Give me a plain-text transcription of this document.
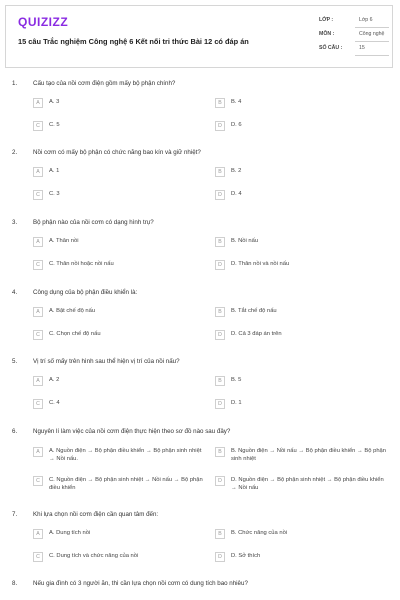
QUIZIZZ
15 câu Trắc nghiệm Công nghệ 6 Kết nối tri thức Bài 12 có đáp án
LỚP :	Lớp 6
MÔN :	Công nghệ
SỐ CÂU :	15
1.	Cấu tạo của nồi cơm điện gồm mấy bộ phận chính?
A	A. 3	B	B. 4
C	C. 5	D	D. 6
2.	Nồi cơm có mấy bộ phận có chức năng bao kín và giữ nhiệt?
A	A. 1	B	B. 2
C	C. 3	D	D. 4
3.	Bộ phận nào của nồi cơm có dạng hình trụ?
A	A. Thân nồi	B	B. Nồi nấu
C	C. Thân nồi hoặc nồi nấu	D	D. Thân nồi và nồi nấu
4.	Công dụng của bộ phận điều khiển là:
A	A. Bật chế độ nấu	B	B. Tắt chế độ nấu
C	C. Chọn chế độ nấu	D	D. Cả 3 đáp án trên
5.	Vị trí số mấy trên hình sau thể hiện vị trí của nồi nấu?
A	A. 2	B	B. 5
C	C. 4	D	D. 1
6.	Nguyên lí làm việc của nồi cơm điện thực hiện theo sơ đồ nào sau đây?
A	A. Nguồn điện → Bộ phận điều khiển → Bộ phận sinh nhiệt → Nồi nấu.
B	B. Nguồn điện → Nồi nấu → Bộ phận điều khiển → Bộ phận sinh nhiệt
C	C. Nguồn điện → Bộ phận sinh nhiệt → Nồi nấu → Bộ phận điều khiển
D	D. Nguồn điện → Bộ phận sinh nhiệt → Bộ phận điều khiển → Nồi nấu
7.	Khi lựa chọn nồi cơm điện cần quan tâm đến:
A	A. Dung tích nồi	B	B. Chức năng của nồi
C	C. Dung tích và chức năng của nồi	D	D. Sở thích
8.	Nếu gia đình có 3 người ăn, thì cần lựa chọn nồi cơm có dung tích bao nhiêu?
